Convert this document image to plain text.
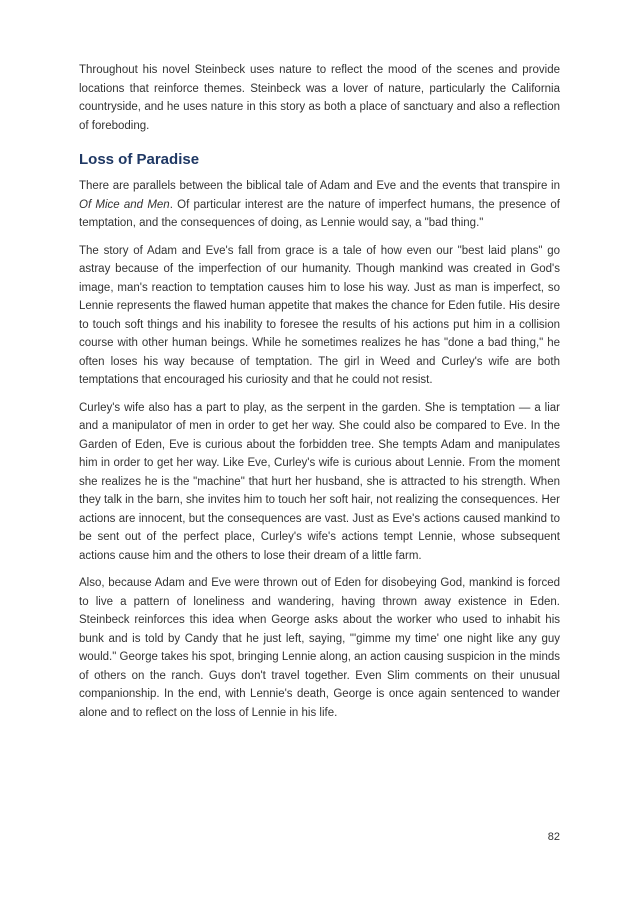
Throughout his novel Steinbeck uses nature to reflect the mood of the scenes and provide locations that reinforce themes. Steinbeck was a lover of nature, particularly the California countryside, and he uses nature in this story as both a place of sanctuary and also a reflection of foreboding.

Loss of Paradise

There are parallels between the biblical tale of Adam and Eve and the events that transpire in Of Mice and Men. Of particular interest are the nature of imperfect humans, the presence of temptation, and the consequences of doing, as Lennie would say, a "bad thing."

The story of Adam and Eve's fall from grace is a tale of how even our "best laid plans" go astray because of the imperfection of our humanity. Though mankind was created in God's image, man's reaction to temptation causes him to lose his way. Just as man is imperfect, so Lennie represents the flawed human appetite that makes the chance for Eden futile. His desire to touch soft things and his inability to foresee the results of his actions put him in a collision course with other human beings. While he sometimes realizes he has "done a bad thing," he often loses his way because of temptation. The girl in Weed and Curley's wife are both temptations that encouraged his curiosity and that he could not resist.

Curley's wife also has a part to play, as the serpent in the garden. She is temptation — a liar and a manipulator of men in order to get her way. She could also be compared to Eve. In the Garden of Eden, Eve is curious about the forbidden tree. She tempts Adam and manipulates him in order to get her way. Like Eve, Curley's wife is curious about Lennie. From the moment she realizes he is the "machine" that hurt her husband, she is attracted to his strength. When they talk in the barn, she invites him to touch her soft hair, not realizing the consequences. Her actions are innocent, but the consequences are vast. Just as Eve's actions caused mankind to be sent out of the perfect place, Curley's wife's actions tempt Lennie, whose subsequent actions cause him and the others to lose their dream of a little farm.

Also, because Adam and Eve were thrown out of Eden for disobeying God, mankind is forced to live a pattern of loneliness and wandering, having thrown away existence in Eden. Steinbeck reinforces this idea when George asks about the worker who used to inhabit his bunk and is told by Candy that he just left, saying, "'gimme my time' one night like any guy would." George takes his spot, bringing Lennie along, an action causing suspicion in the minds of others on the ranch. Guys don't travel together. Even Slim comments on their unusual companionship. In the end, with Lennie's death, George is once again sentenced to wander alone and to reflect on the loss of Lennie in his life.

82
